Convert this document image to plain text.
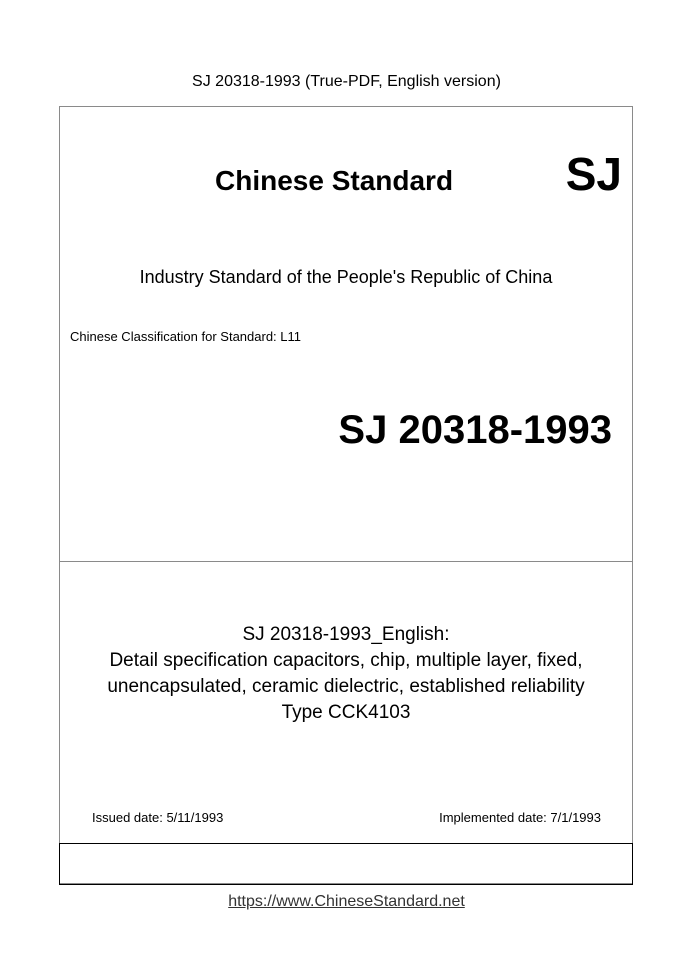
SJ 20318-1993 (True-PDF, English version)
Chinese Standard SJ
Industry Standard of the People's Republic of China
Chinese Classification for Standard: L11
SJ 20318-1993
SJ 20318-1993_English:
Detail specification capacitors, chip, multiple layer, fixed,
unencapsulated, ceramic dielectric, established reliability
Type CCK4103
Issued date: 5/11/1993	Implemented date: 7/1/1993
https://www.ChineseStandard.net
